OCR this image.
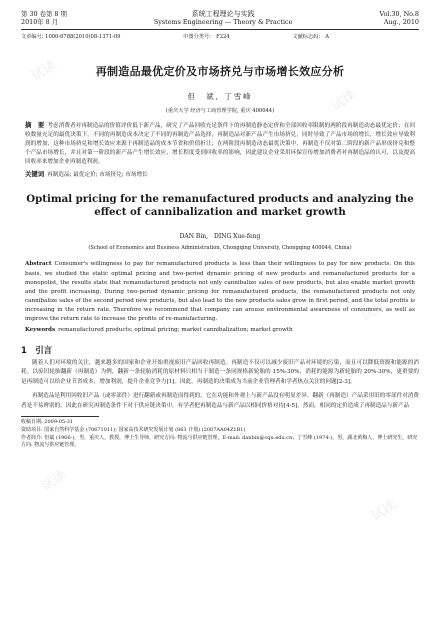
第 30 卷第 8 期
2010年 8 月
系统工程理论与实践
Systems Engineering — Theory & Practice
Vol.30, No.8
Aug., 2010
文章编号: 1000-6788(2010)08-1371-09	中图分类号:　F224	文献标志码:　A
再制造品最优定价及市场挤兑与市场增长效应分析
但　斌, 丁雪峰
(重庆大学 经济与工商管理学院, 重庆 400044)
摘　要 考虑消费者对再制造品的价值评价低于新产品，研究了产品回收充足条件下的再制造静态定价和全部回收率限制的两阶段再制造动态最优定价；在回收数量充足的最优决策下，不同的再制造成本决定了不同的再制造产品选择，再制造品对新产品产生市场挤兑，同时导致了产品市场的增长，增长效应导致利润的增加，这种市场挤兑和增长效应来源于再制造品的成本节省和价值折让；在两阶段再制造动态最优决策中，再制造不仅对第二阶段的新产品形成挤兑和整个产品市场增长，并且对第一阶段的新产品产生增长效应，增长程度受到回收率的影响，因此建议企业采用环保宣传增加消费者对再制造品的认可，以及提高回收率来增加企业再制造利润。
关键词 再制造品; 最优定价; 市场挤兑; 市场增长
Optimal pricing for the remanufactured products and analyzing the effect of cannibalization and market growth
DAN Bin,　DING Xue-feng
(School of Economics and Business Administration, Chongqing University, Chongqing 400044, China)
Abstract Consumer's willingness to pay for remanufactured products is less than their willingness to pay for new products. On this basis, we studied the static optimal pricing and two-period dynamic pricing of new products and remanufactured products for a monopolist, the results state that remanufactured products not only cannibalize sales of new products, but also enable market growth and the profit increasing. During two-period dynamic pricing for remanufactured products, the remanufactured products not only cannibalize sales of the second period new products, but also lead to the new products sales grow in first period, and the total profits is increasing in the return rate. Therefore we recommend that company can arouse environmental awareness of consumers, as well as improve the return rate to increase the profits of re-manufacturing.
Keywords remanufactured products; optimal pricing; market cannibalization; market growth
1　引言

随着人们对环境的关注，越来越多的国家和企业开始重视废旧产品回收再制造。再制造不仅可以减少废旧产品对环境的污染，而且可以降低资源和能源的消耗。以废旧轮胎翻新（再制造）为例，翻新一条轮胎消耗的原材料只相当于制造一条同规格新轮胎的 15%-30%，消耗的能源为新轮胎的 20%-30%，更重要的是再制造可以给企业节省成本，增加利润，提升企业竞争力[1]。因此，再制造的决策成为当前企业管理者和学者热点关注的问题[2-3]。

再制造品是利用回收旧产品（或零部件）进行翻新或再制造而得到的，它在功能和外观上与新产品没有明显差异。翻新（再制造）产品采用旧的零部件对消费者是不易辨别的。因此在研究再制造条件下对于供应链决策中，有学者把再制造品与新产品以相同价格对待[4-5]，然而，相同的定价造成了再制造品与新产品

收稿日期: 2009-05-31
资助项目: 国家自然科学基金 (70671011); 国家高技术研究发展计划 (863 计划) (2007AA04Z1B1)
作者简介: 但斌 (1966-)，男，重庆人，教授，博士生导师，研究方向: 物流与供应链管理，E-mail: danbin@cqu.edu.cn；丁雪峰 (1974-)，男，湖北黄梅人，博士研究生，研究方向: 物流与供应链管理。
试读
试读
试读
试读
试读
试读
